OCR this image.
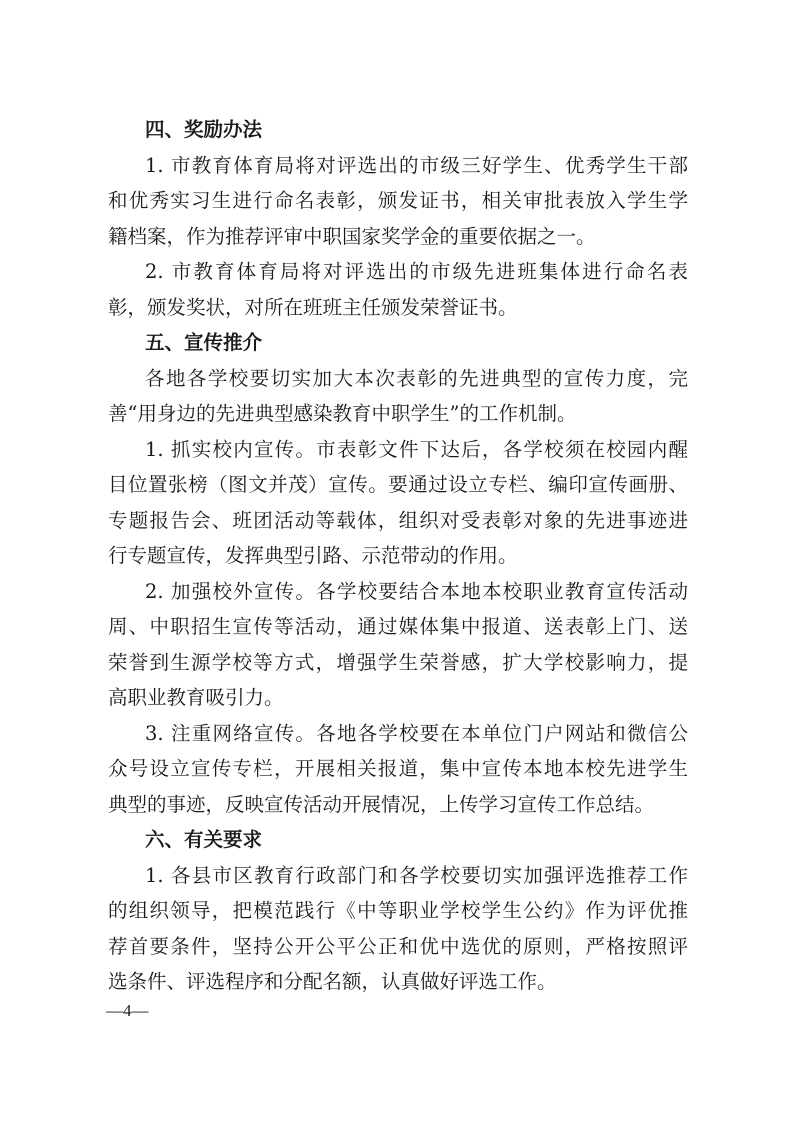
四、奖励办法
1. 市教育体育局将对评选出的市级三好学生、优秀学生干部
和优秀实习生进行命名表彰，颁发证书，相关审批表放入学生学
籍档案，作为推荐评审中职国家奖学金的重要依据之一。
2. 市教育体育局将对评选出的市级先进班集体进行命名表
彰，颁发奖状，对所在班班主任颁发荣誉证书。
五、宣传推介
各地各学校要切实加大本次表彰的先进典型的宣传力度，完
善“用身边的先进典型感染教育中职学生”的工作机制。
1. 抓实校内宣传。市表彰文件下达后，各学校须在校园内醒
目位置张榜（图文并茂）宣传。要通过设立专栏、编印宣传画册、
专题报告会、班团活动等载体，组织对受表彰对象的先进事迹进
行专题宣传，发挥典型引路、示范带动的作用。
2. 加强校外宣传。各学校要结合本地本校职业教育宣传活动
周、中职招生宣传等活动，通过媒体集中报道、送表彰上门、送
荣誉到生源学校等方式，增强学生荣誉感，扩大学校影响力，提
高职业教育吸引力。
3. 注重网络宣传。各地各学校要在本单位门户网站和微信公
众号设立宣传专栏，开展相关报道，集中宣传本地本校先进学生
典型的事迹，反映宣传活动开展情况，上传学习宣传工作总结。
六、有关要求
1. 各县市区教育行政部门和各学校要切实加强评选推荐工作
的组织领导，把模范践行《中等职业学校学生公约》作为评优推
荐首要条件，坚持公开公平公正和优中选优的原则，严格按照评
选条件、评选程序和分配名额，认真做好评选工作。
—4—
